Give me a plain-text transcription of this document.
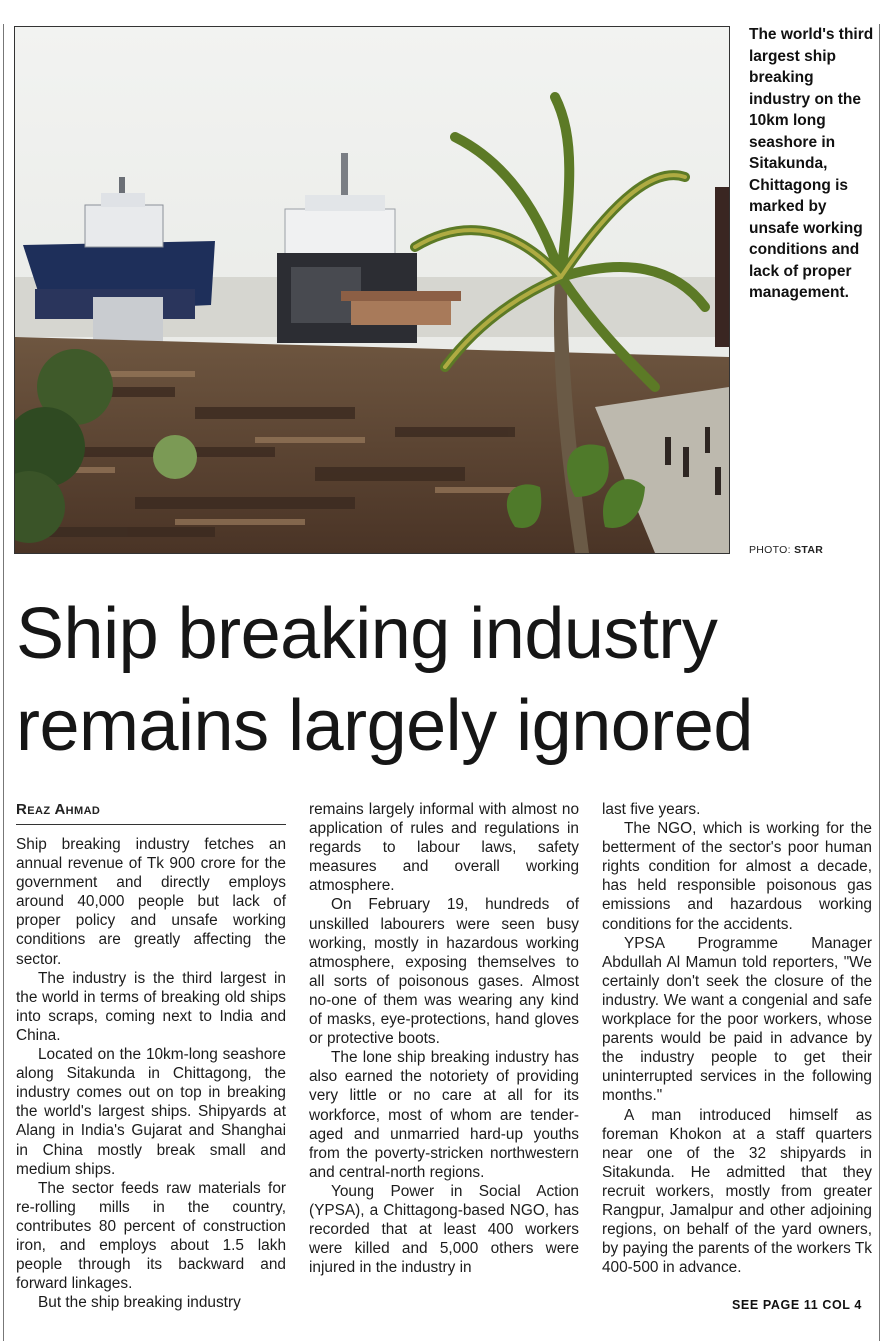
The world's third largest ship breaking industry on the 10km long seashore in Sitakunda, Chittagong is marked by unsafe working conditions and lack of proper management.
PHOTO: STAR
Ship breaking industry
remains largely ignored
Reaz Ahmad

Ship breaking industry fetches an annual revenue of Tk 900 crore for the government and directly employs around 40,000 people but lack of proper policy and unsafe working conditions are greatly affecting the sector.

The industry is the third largest in the world in terms of breaking old ships into scraps, coming next to India and China.

Located on the 10km-long seashore along Sitakunda in Chittagong, the industry comes out on top in breaking the world's largest ships. Shipyards at Alang in India's Gujarat and Shanghai in China mostly break small and medium ships.

The sector feeds raw materials for re-rolling mills in the country, contributes 80 percent of construction iron, and employs about 1.5 lakh people through its backward and forward linkages.

But the ship breaking industry

remains largely informal with almost no application of rules and regulations in regards to labour laws, safety measures and overall working atmosphere.

On February 19, hundreds of unskilled labourers were seen busy working, mostly in hazardous working atmosphere, exposing themselves to all sorts of poisonous gases. Almost no-one of them was wearing any kind of masks, eye-protections, hand gloves or protective boots.

The lone ship breaking industry has also earned the notoriety of providing very little or no care at all for its workforce, most of whom are tender-aged and unmarried hard-up youths from the poverty-stricken northwestern and central-north regions.

Young Power in Social Action (YPSA), a Chittagong-based NGO, has recorded that at least 400 workers were killed and 5,000 others were injured in the industry in

last five years.

The NGO, which is working for the betterment of the sector's poor human rights condition for almost a decade, has held responsible poisonous gas emissions and hazardous working conditions for the accidents.

YPSA Programme Manager Abdullah Al Mamun told reporters, "We certainly don't seek the closure of the industry. We want a congenial and safe workplace for the poor workers, whose parents would be paid in advance by the industry people to get their uninterrupted services in the following months."

A man introduced himself as foreman Khokon at a staff quarters near one of the 32 shipyards in Sitakunda. He admitted that they recruit workers, mostly from greater Rangpur, Jamalpur and other adjoining regions, on behalf of the yard owners, by paying the parents of the workers Tk 400-500 in advance.

SEE PAGE 11 COL 4
